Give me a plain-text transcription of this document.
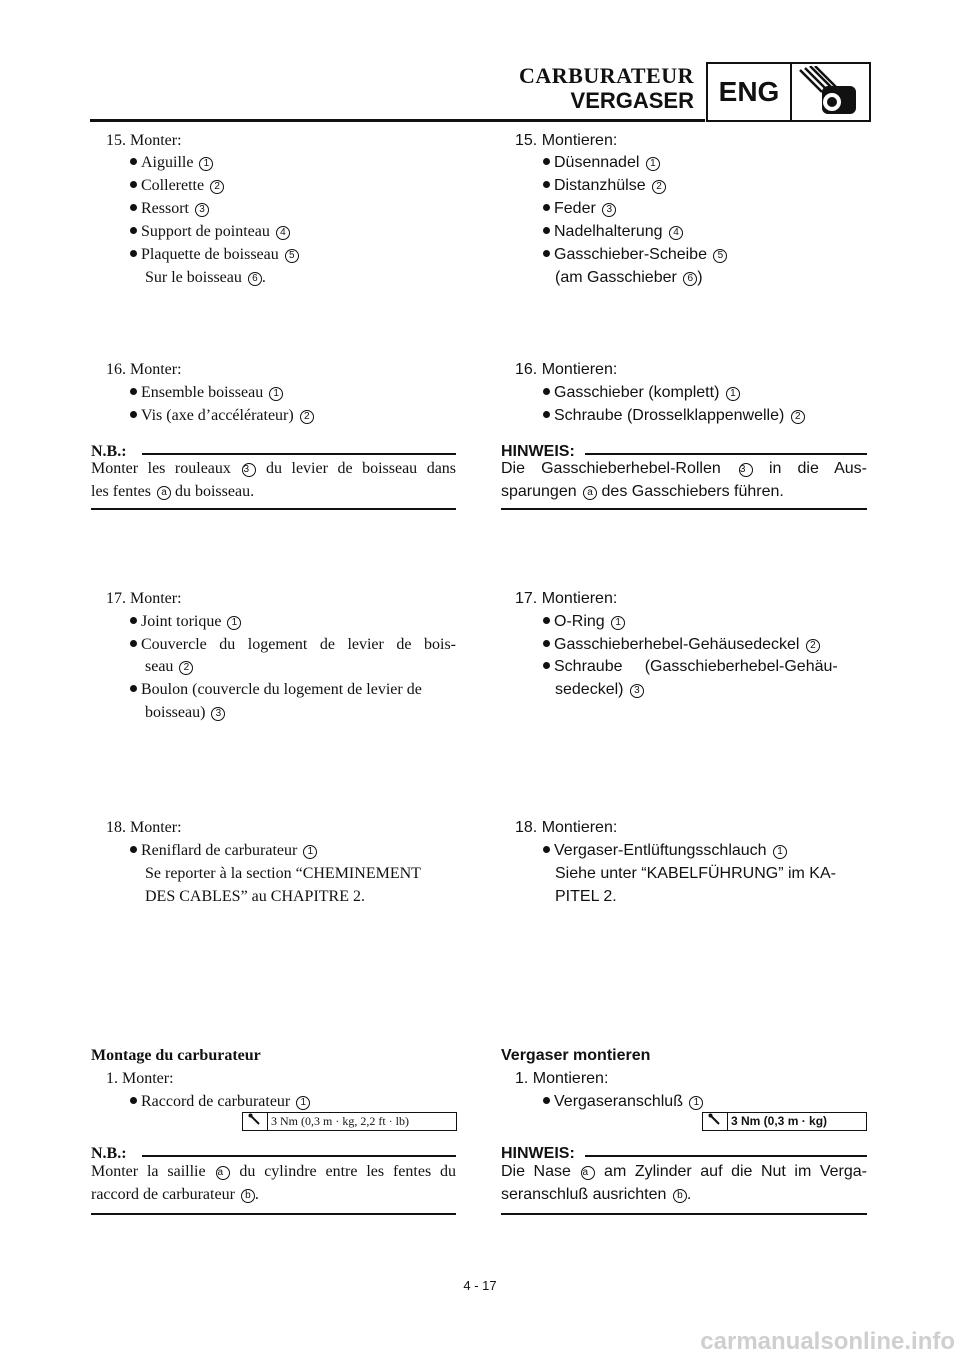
CARBURATEUR
VERGASER ENG
15. Monter:
Aiguille 1
Collerette 2
Ressort 3
Support de pointeau 4
Plaquette de boisseau 5
Sur le boisseau 6 .
16. Monter:
Ensemble boisseau 1
Vis (axe d’accélérateur) 2
N.B.:
Monter les rouleaux 3 du levier de boisseau dans
les fentes a du boisseau.
17. Monter:
Joint torique 1
Couvercle du logement de levier de bois-
seau 2
Boulon (couvercle du logement de levier de
boisseau) 3
18. Monter:
Reniflard de carburateur 1
Se reporter à la section “CHEMINEMENT
DES CABLES” au CHAPITRE 2.
Montage du carburateur
1. Monter:
Raccord de carburateur 1
3 Nm (0,3 m · kg, 2,2 ft · lb)
N.B.:
Monter la saillie a du cylindre entre les fentes du
raccord de carburateur b .
15. Montieren:
Düsennadel 1
Distanzhülse 2
Feder 3
Nadelhalterung 4
Gasschieber-Scheibe 5
(am Gasschieber 6 )
16. Montieren:
Gasschieber (komplett) 1
Schraube (Drosselklappenwelle) 2
HINWEIS:
Die Gasschieberhebel-Rollen 3 in die Aus-
sparungen a des Gasschiebers führen.
17. Montieren:
O-Ring 1
Gasschieberhebel-Gehäusedeckel 2
Schraube     (Gasschieberhebel-Gehäu-
sedeckel) 3
18. Montieren:
Vergaser-Entlüftungsschlauch 1
Siehe unter “KABELFÜHRUNG” im KA-
PITEL 2.
Vergaser montieren
1. Montieren:
Vergaseranschluß 1
3 Nm (0,3 m · kg)
HINWEIS:
Die Nase a am Zylinder auf die Nut im Verga-
seranschluß ausrichten b .
4 - 17
carmanualsonline.info
